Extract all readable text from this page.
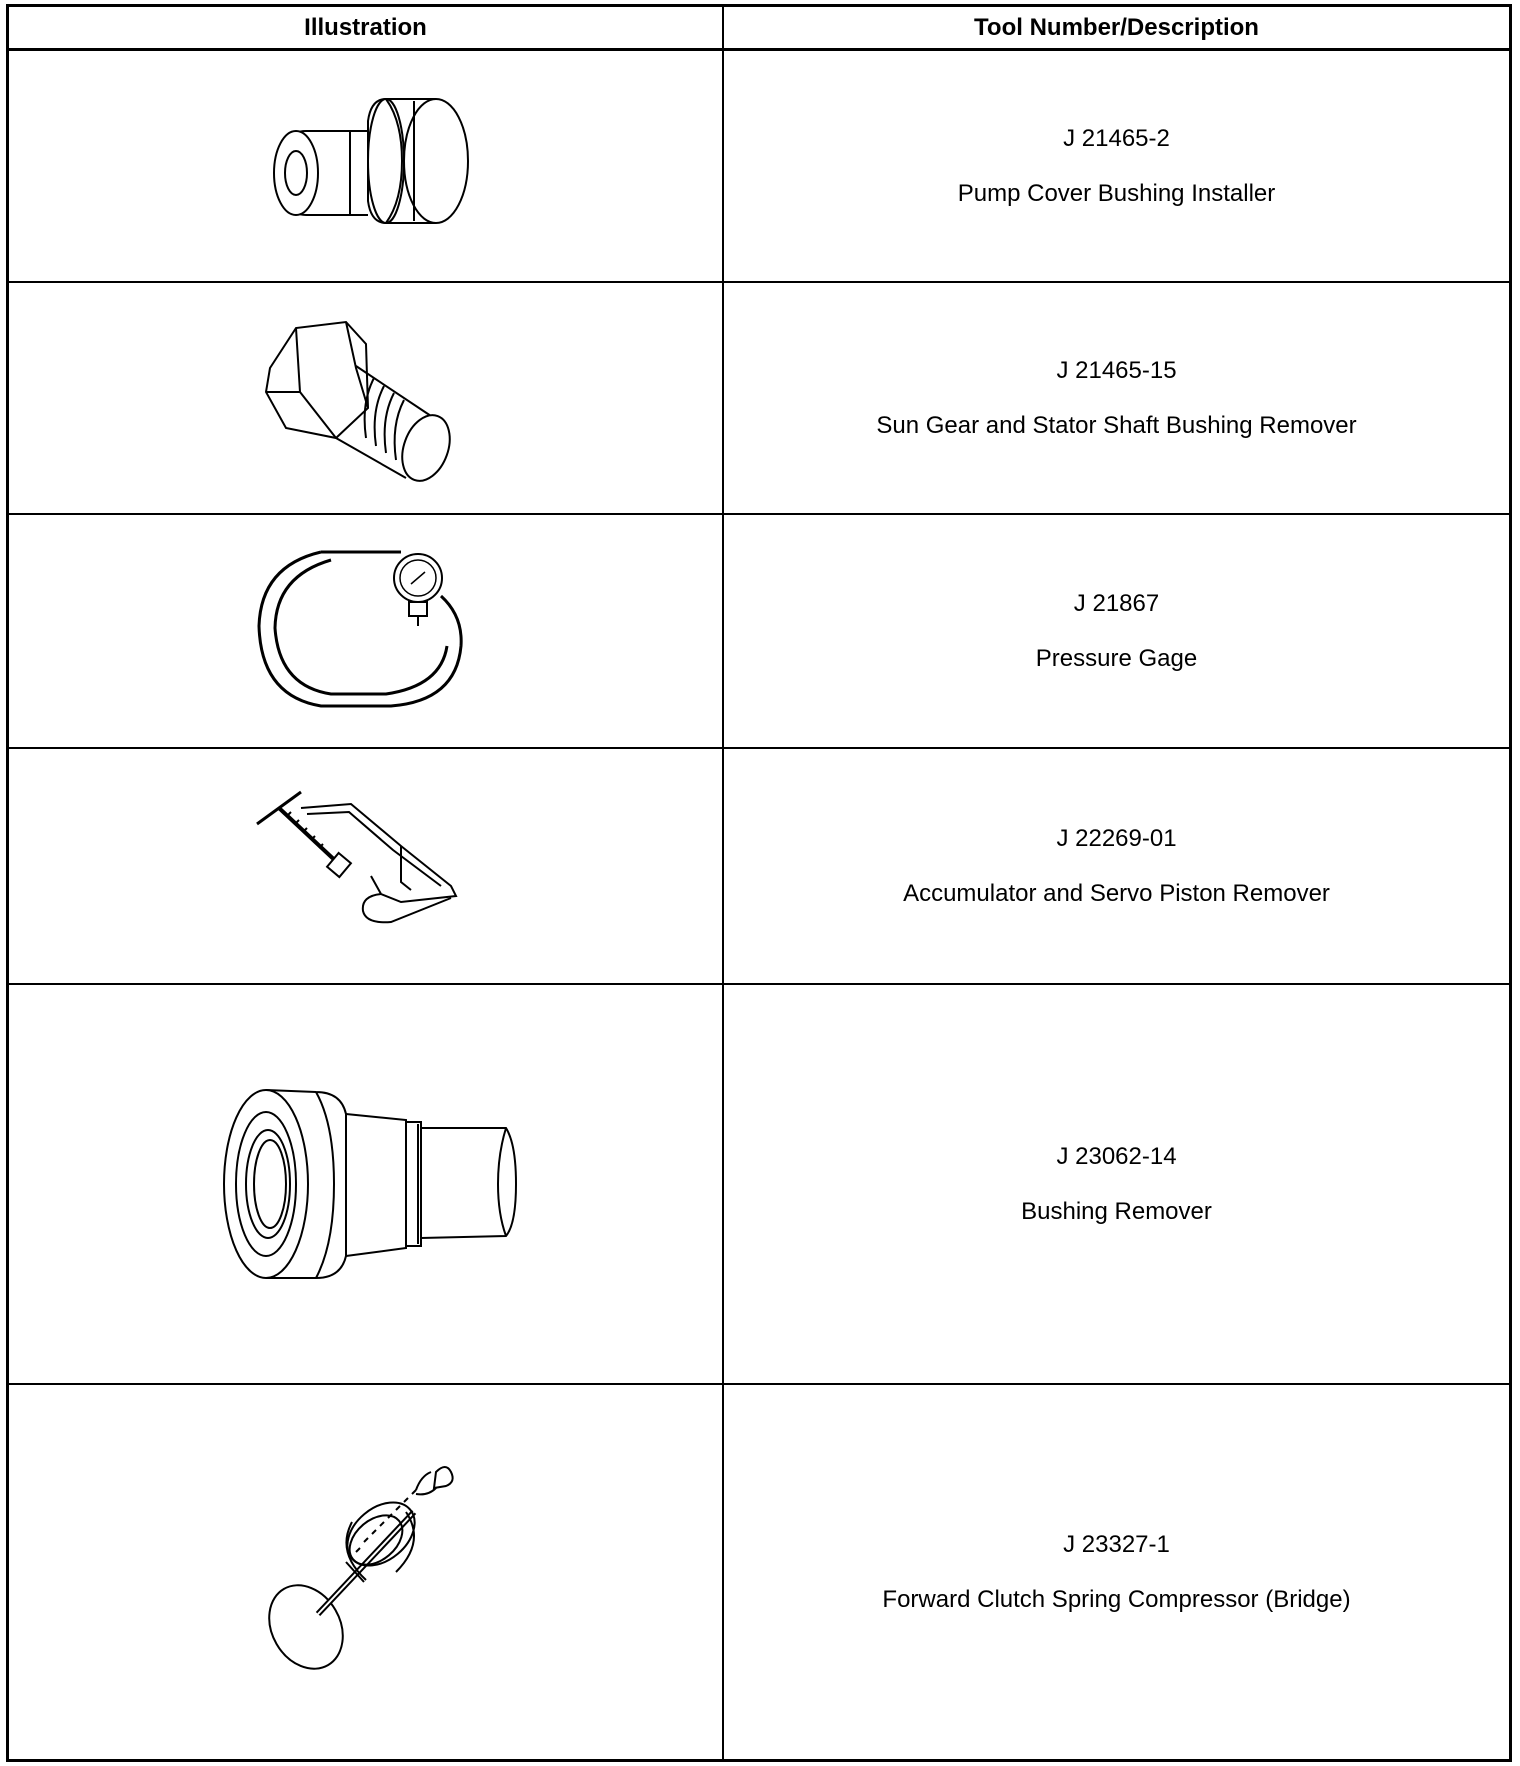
Illustration	Tool Number/Description
J 21465-2
Pump Cover Bushing Installer
J 21465-15
Sun Gear and Stator Shaft Bushing Remover
J 21867
Pressure Gage
J 22269-01
Accumulator and Servo Piston Remover
J 23062-14
Bushing Remover
J 23327-1
Forward Clutch Spring Compressor (Bridge)
